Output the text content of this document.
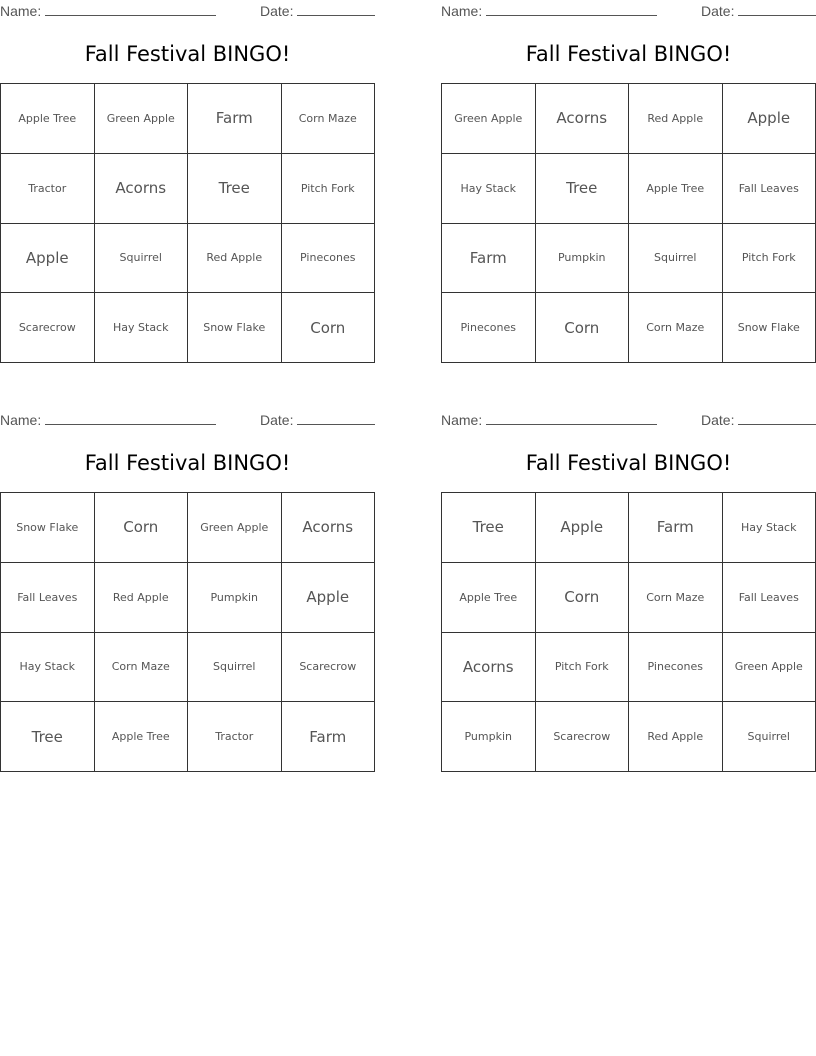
Name:	Date:
Fall Festival BINGO!
Apple Tree	Green Apple	Farm	Corn Maze
Tractor	Acorns	Tree	Pitch Fork
Apple	Squirrel	Red Apple	Pinecones
Scarecrow	Hay Stack	Snow Flake	Corn
Name:	Date:
Fall Festival BINGO!
Green Apple	Acorns	Red Apple	Apple
Hay Stack	Tree	Apple Tree	Fall Leaves
Farm	Pumpkin	Squirrel	Pitch Fork
Pinecones	Corn	Corn Maze	Snow Flake
Name:	Date:
Fall Festival BINGO!
Snow Flake	Corn	Green Apple	Acorns
Fall Leaves	Red Apple	Pumpkin	Apple
Hay Stack	Corn Maze	Squirrel	Scarecrow
Tree	Apple Tree	Tractor	Farm
Name:	Date:
Fall Festival BINGO!
Tree	Apple	Farm	Hay Stack
Apple Tree	Corn	Corn Maze	Fall Leaves
Acorns	Pitch Fork	Pinecones	Green Apple
Pumpkin	Scarecrow	Red Apple	Squirrel
